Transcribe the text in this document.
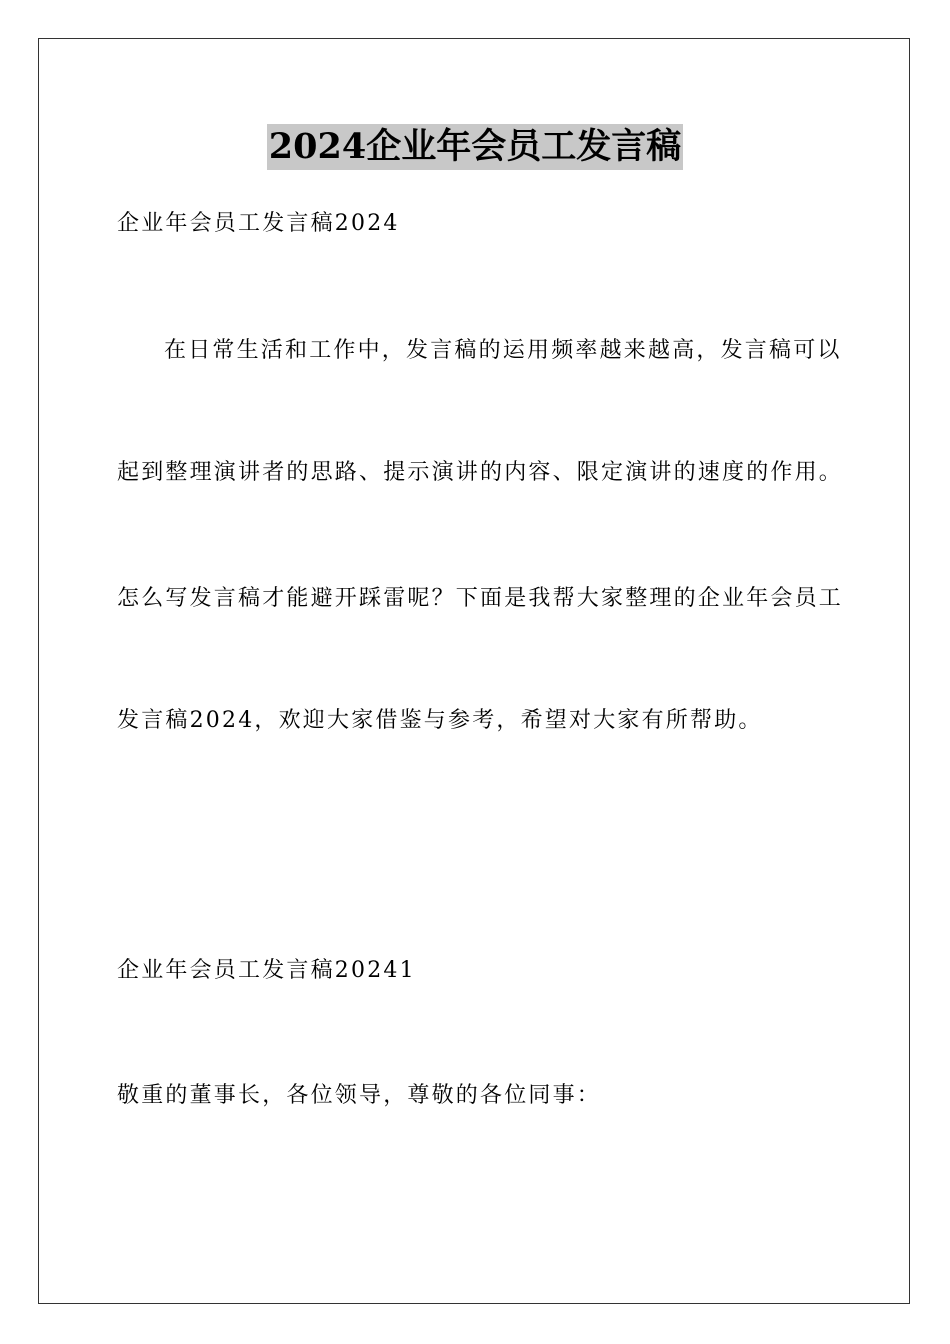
2024企业年会员工发言稿
企业年会员工发言稿2024
在日常生活和工作中，发言稿的运用频率越来越高，发言稿可以
起到整理演讲者的思路、提示演讲的内容、限定演讲的速度的作用。
怎么写发言稿才能避开踩雷呢？下面是我帮大家整理的企业年会员工
发言稿2024，欢迎大家借鉴与参考，希望对大家有所帮助。
企业年会员工发言稿20241
敬重的董事长，各位领导，尊敬的各位同事：
